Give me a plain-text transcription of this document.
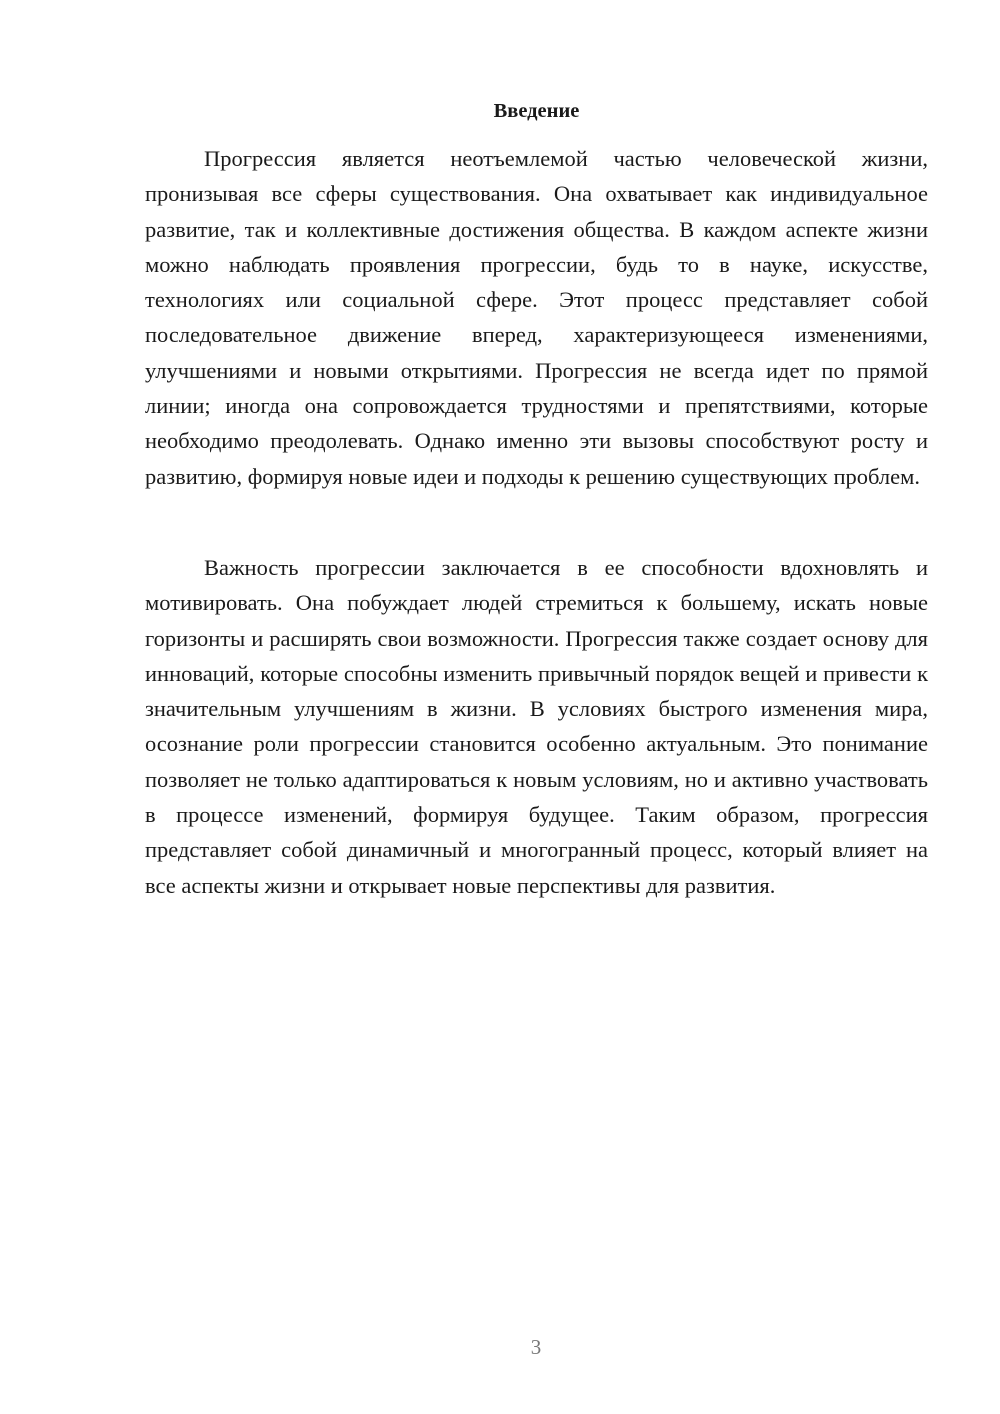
Введение

Прогрессия является неотъемлемой частью человеческой жизни, пронизывая все сферы существования. Она охватывает как индивидуальное развитие, так и коллективные достижения общества. В каждом аспекте жизни можно наблюдать проявления прогрессии, будь то в науке, искусстве, технологиях или социальной сфере. Этот процесс представляет собой последовательное движение вперед, характеризующееся изменениями, улучшениями и новыми открытиями. Прогрессия не всегда идет по прямой линии; иногда она сопровождается трудностями и препятствиями, которые необходимо преодолевать. Однако именно эти вызовы способствуют росту и развитию, формируя новые идеи и подходы к решению существующих проблем.

Важность прогрессии заключается в ее способности вдохновлять и мотивировать. Она побуждает людей стремиться к большему, искать новые горизонты и расширять свои возможности. Прогрессия также создает основу для инноваций, которые способны изменить привычный порядок вещей и привести к значительным улучшениям в жизни. В условиях быстрого изменения мира, осознание роли прогрессии становится особенно актуальным. Это понимание позволяет не только адаптироваться к новым условиям, но и активно участвовать в процессе изменений, формируя будущее. Таким образом, прогрессия представляет собой динамичный и многогранный процесс, который влияет на все аспекты жизни и открывает новые перспективы для развития.

3
